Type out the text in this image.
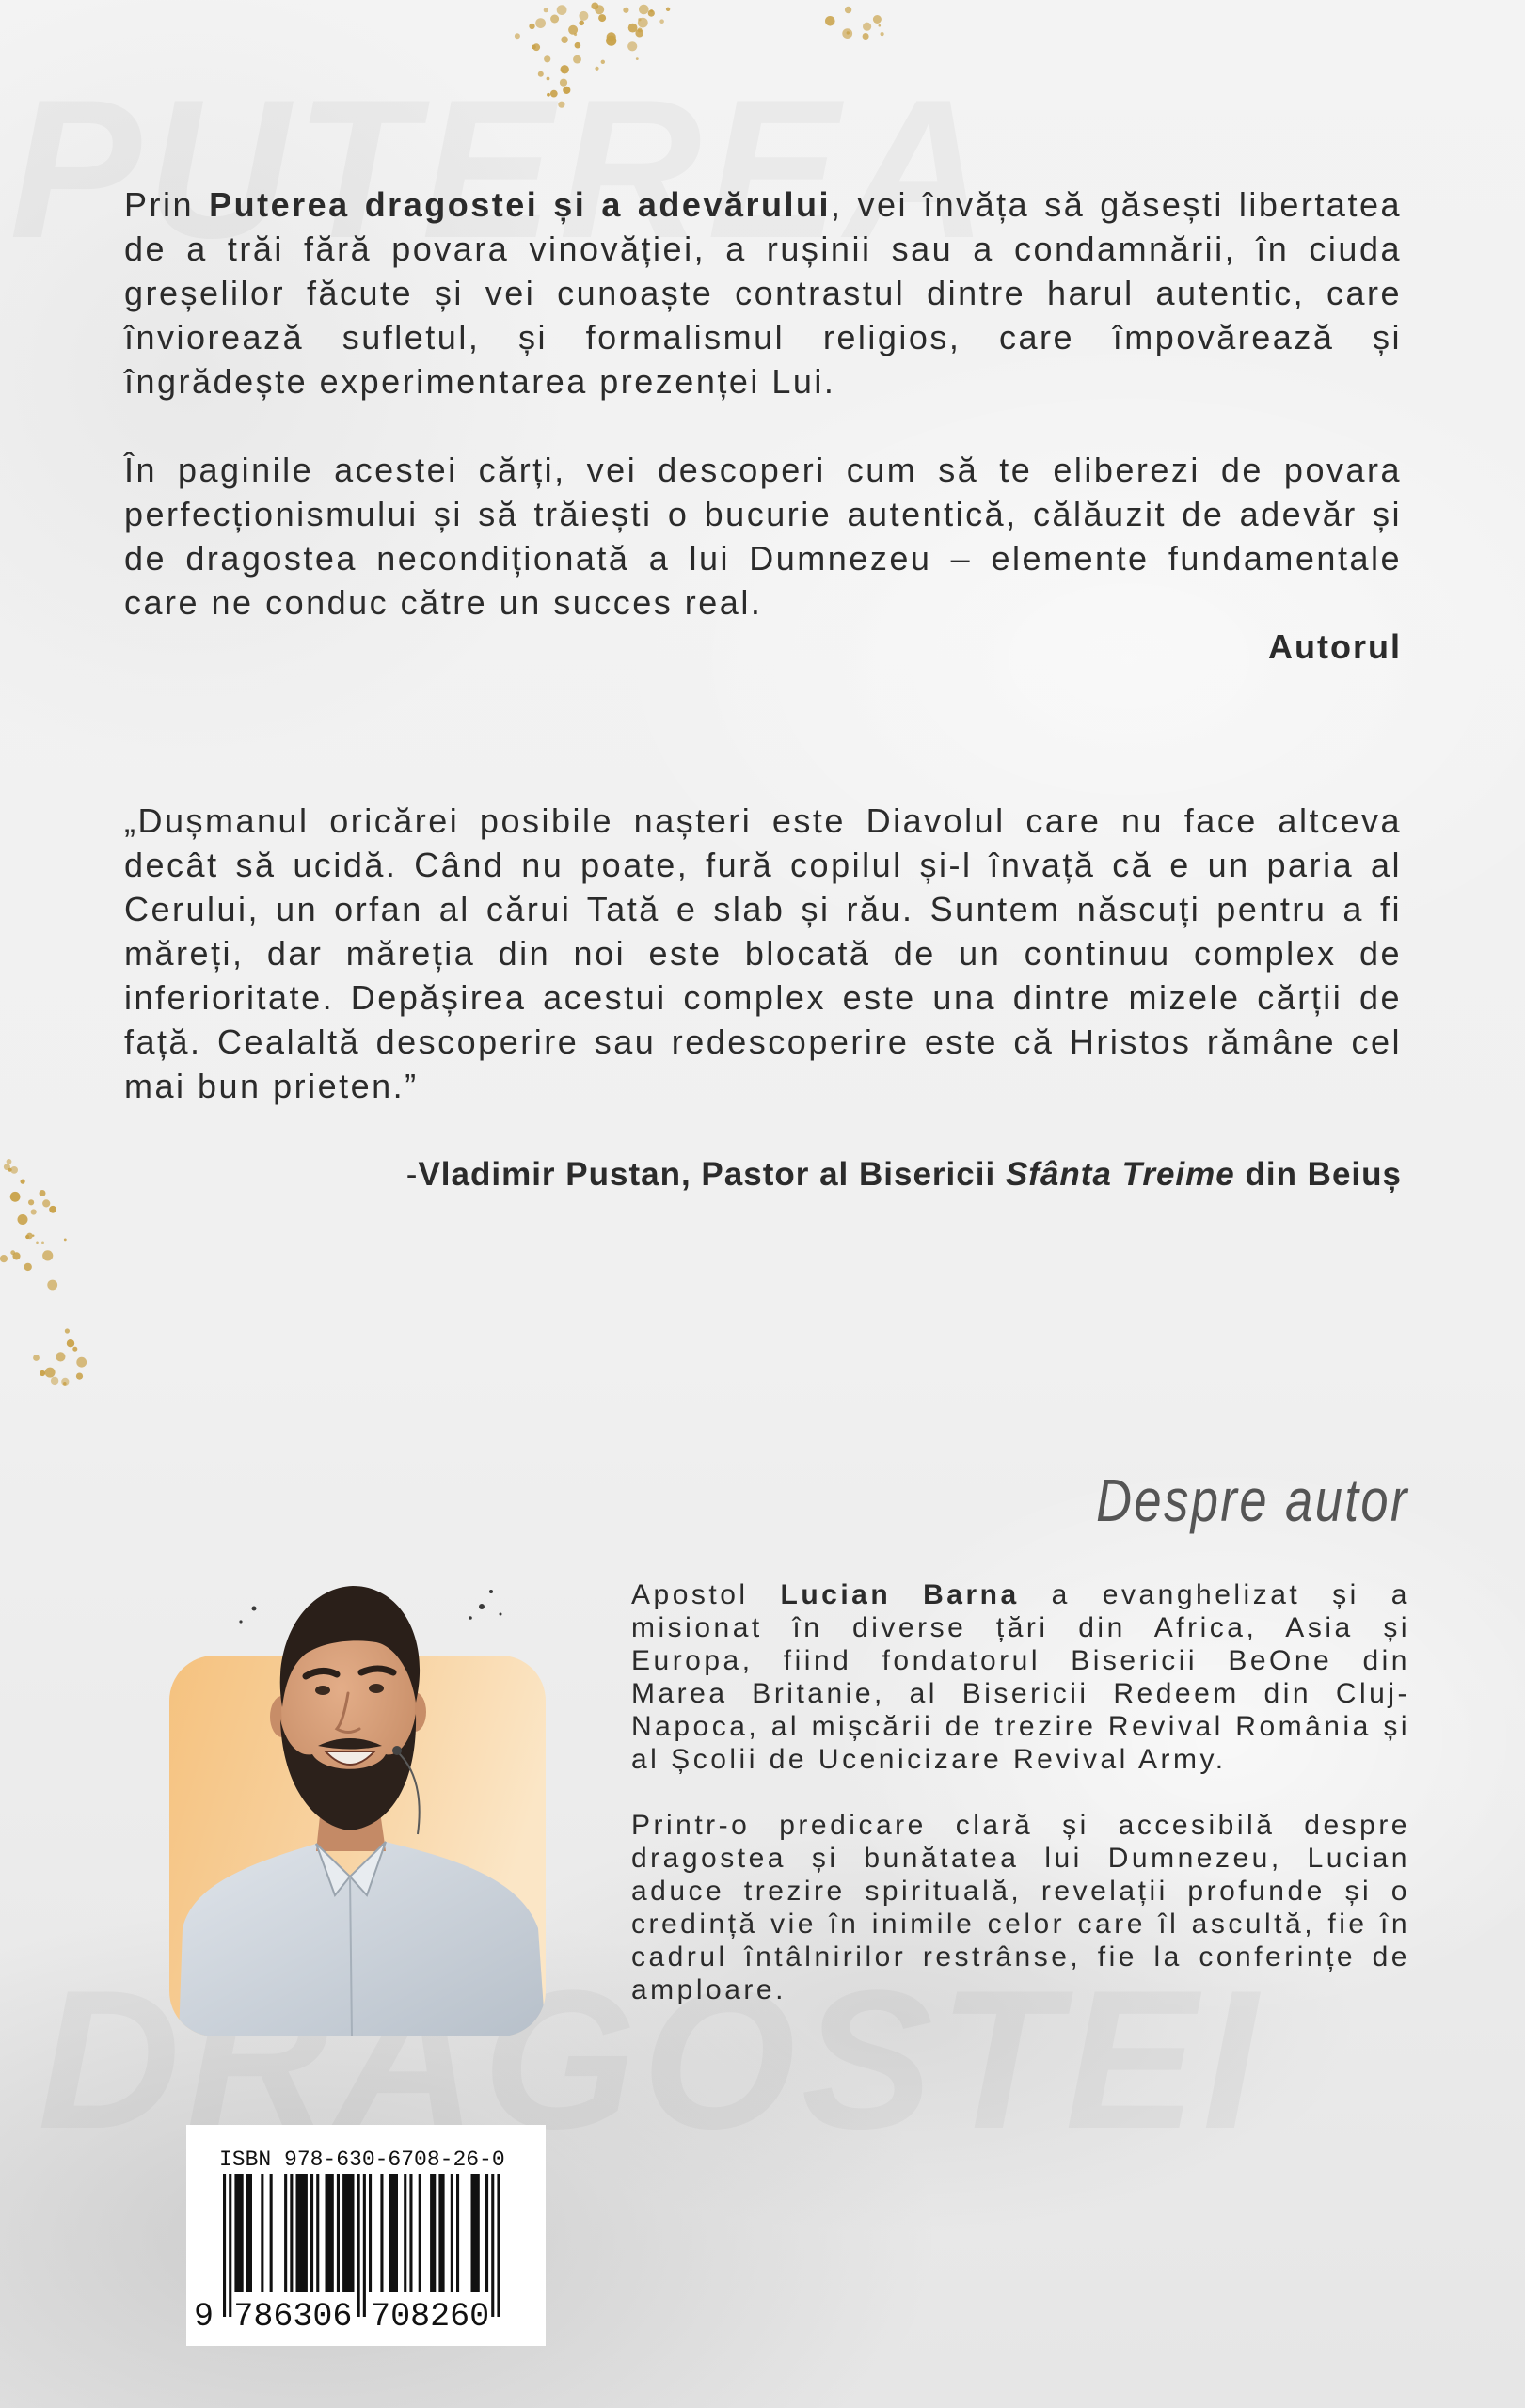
Prin Puterea dragostei și a adevărului, vei învăța să găsești libertatea de a trăi fără povara vinovăției, a rușinii sau a condamnării, în ciuda greșelilor făcute și vei cunoaște contrastul dintre harul autentic, care înviorează sufletul, și formalismul religios, care împovărează și îngrădește experimentarea prezenței Lui.

În paginile acestei cărți, vei descoperi cum să te eliberezi de povara perfecționismului și să trăiești o bucurie autentică, călăuzit de adevăr și de dragostea necondiționată a lui Dumnezeu – elemente fundamentale care ne conduc către un succes real.

Autorul

„Dușmanul oricărei posibile nașteri este Diavolul care nu face altceva decât să ucidă. Când nu poate, fură copilul și-l învață că e un paria al Cerului, un orfan al cărui Tată e slab și rău. Suntem născuți pentru a fi măreți, dar măreția din noi este blocată de un continuu complex de inferioritate. Depășirea acestui complex este una dintre mizele cărții de față. Cealaltă descoperire sau redescoperire este că Hristos rămâne cel mai bun prieten.”

-Vladimir Pustan, Pastor al Bisericii Sfânta Treime din Beiuș

Despre autor

Apostol Lucian Barna a evanghelizat și a misionat în diverse țări din Africa, Asia și Europa, fiind fondatorul Bisericii BeOne din Marea Britanie, al Bisericii Redeem din Cluj-Napoca, al mișcării de trezire Revival România și al Școlii de Ucenicizare Revival Army.

Printr-o predicare clară și accesibilă despre dragostea și bunătatea lui Dumnezeu, Lucian aduce trezire spirituală, revelații profunde și o credință vie în inimile celor care îl ascultă, fie în cadrul întâlnirilor restrânse, fie la conferințe de amploare.

ISBN 978-630-6708-26-0
9 786306 708260
